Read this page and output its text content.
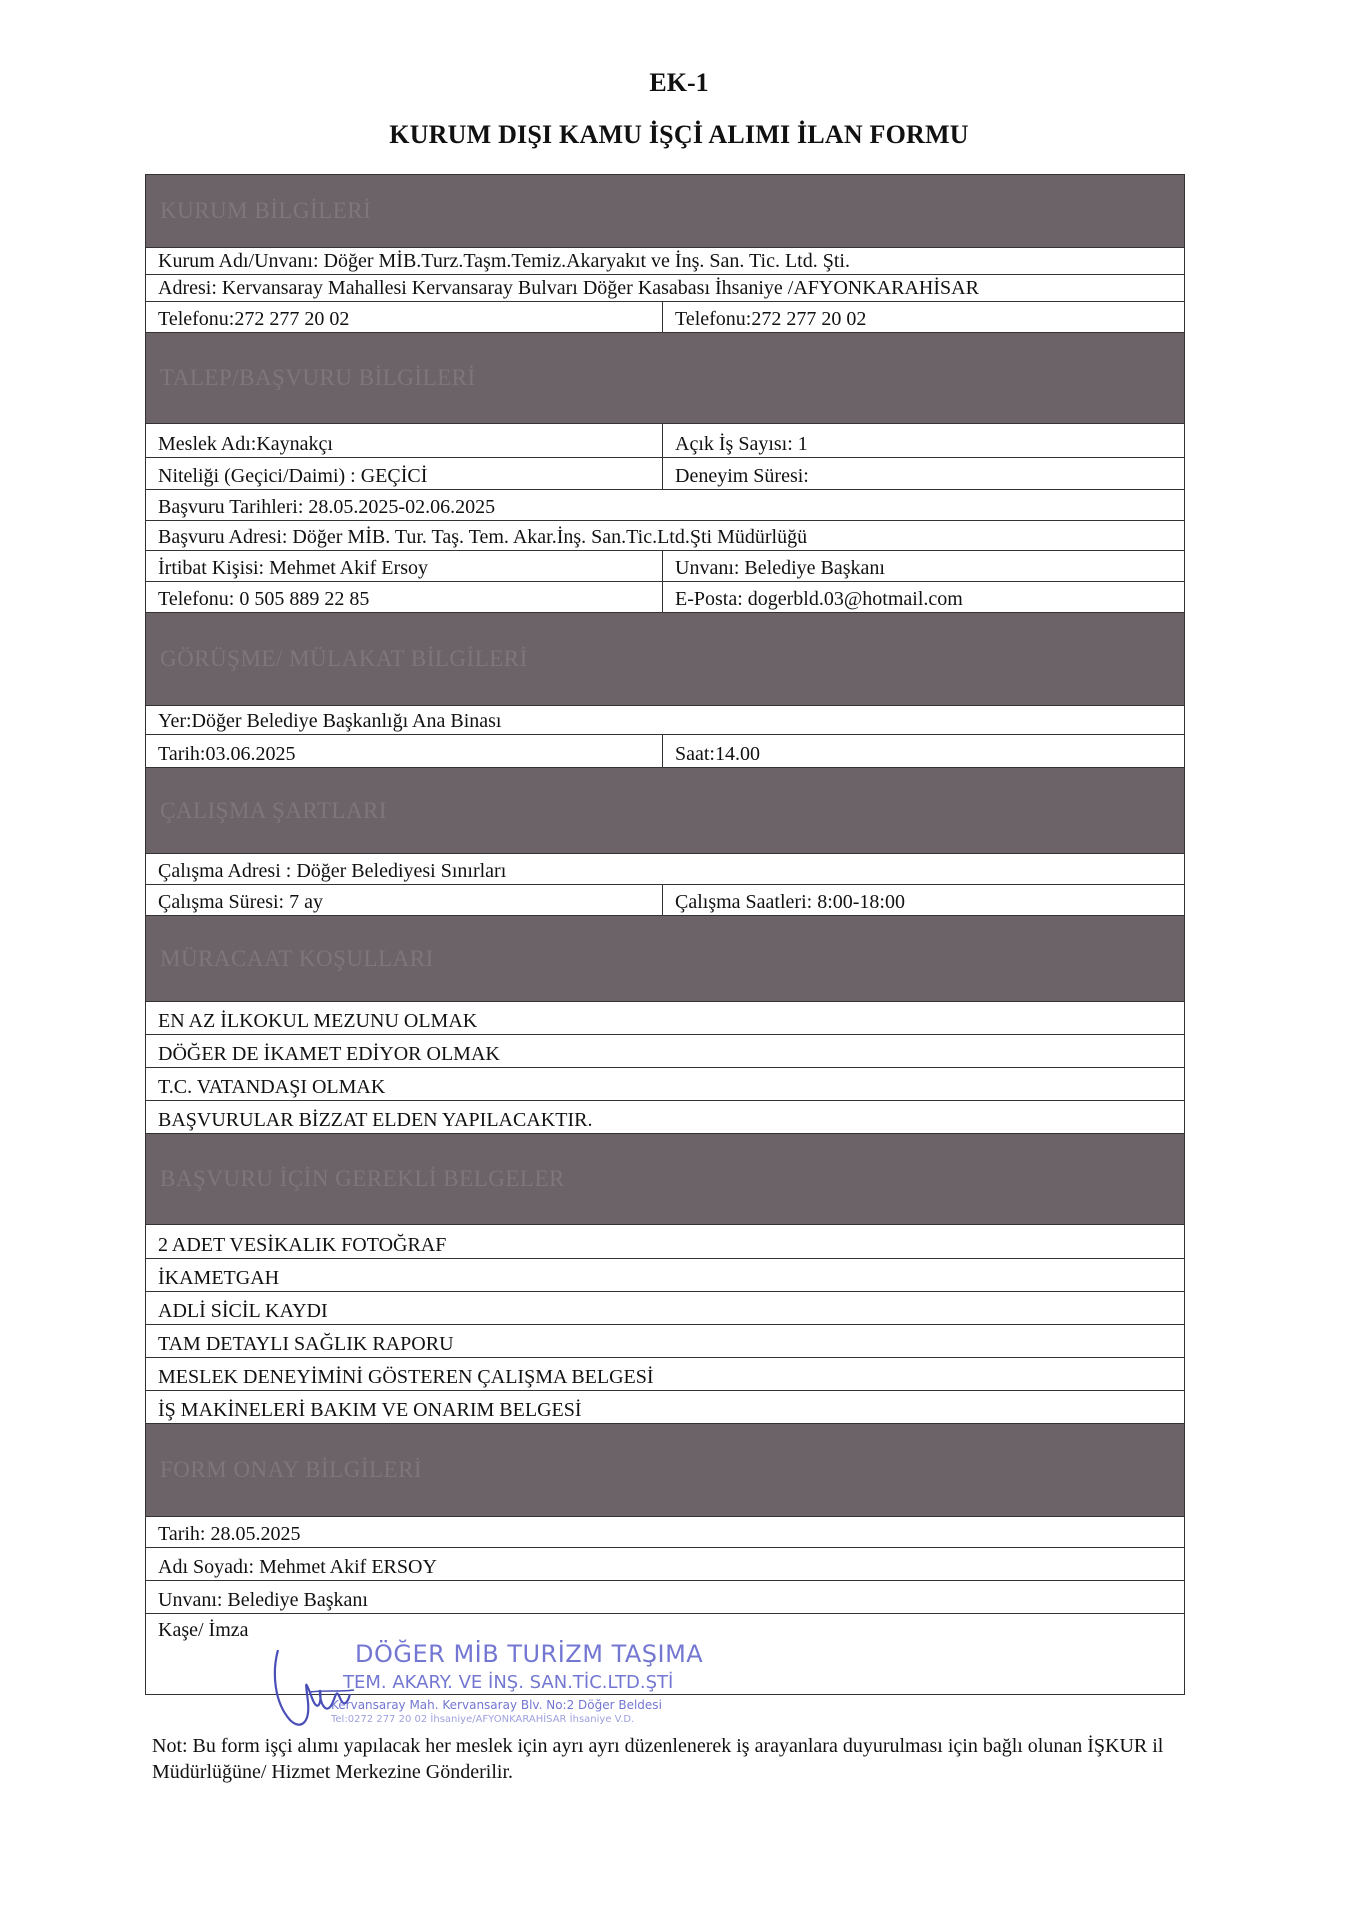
EK-1
KURUM DIŞI KAMU İŞÇİ ALIMI İLAN FORMU
KURUM BİLGİLERİ
Kurum Adı/Unvanı: Döğer MİB.Turz.Taşm.Temiz.Akaryakıt ve İnş. San. Tic. Ltd. Şti.
Adresi: Kervansaray Mahallesi Kervansaray Bulvarı Döğer Kasabası İhsaniye /AFYONKARAHİSAR
Telefonu:272 277 20 02	Telefonu:272 277 20 02
TALEP/BAŞVURU BİLGİLERİ
Meslek Adı:Kaynakçı	Açık İş Sayısı: 1
Niteliği (Geçici/Daimi) : GEÇİCİ	Deneyim Süresi:
Başvuru Tarihleri: 28.05.2025-02.06.2025
Başvuru Adresi: Döğer MİB. Tur. Taş. Tem. Akar.İnş. San.Tic.Ltd.Şti Müdürlüğü
İrtibat Kişisi: Mehmet Akif Ersoy	Unvanı: Belediye Başkanı
Telefonu: 0 505 889 22 85	E-Posta: dogerbld.03@hotmail.com
GÖRÜŞME/ MÜLAKAT BİLGİLERİ
Yer:Döğer Belediye Başkanlığı Ana Binası
Tarih:03.06.2025	Saat:14.00
ÇALIŞMA ŞARTLARI
Çalışma Adresi : Döğer Belediyesi Sınırları
Çalışma Süresi: 7 ay	Çalışma Saatleri: 8:00-18:00
MÜRACAAT KOŞULLARI
EN AZ İLKOKUL MEZUNU OLMAK
DÖĞER DE İKAMET EDİYOR OLMAK
T.C. VATANDAŞI OLMAK
BAŞVURULAR BİZZAT ELDEN YAPILACAKTIR.
BAŞVURU İÇİN GEREKLİ BELGELER
2 ADET VESİKALIK FOTOĞRAF
İKAMETGAH
ADLİ SİCİL KAYDI
TAM DETAYLI SAĞLIK RAPORU
MESLEK DENEYİMİNİ GÖSTEREN ÇALIŞMA BELGESİ
İŞ MAKİNELERİ BAKIM VE ONARIM BELGESİ
FORM ONAY BİLGİLERİ
Tarih: 28.05.2025
Adı Soyadı: Mehmet Akif ERSOY
Unvanı: Belediye Başkanı
Kaşe/ İmza
DÖĞER MİB TURİZM TAŞIMA
TEM. AKARY. VE İNŞ. SAN.TİC.LTD.ŞTİ
Kervansaray Mah. Kervansaray Blv. No:2 Döğer Beldesi
Tel:0272 277 20 02 İhsaniye/AFYONKARAHİSAR İhsaniye V.D.
Not: Bu form işçi alımı yapılacak her meslek için ayrı ayrı düzenlenerek iş arayanlara duyurulması için bağlı olunan İŞKUR il Müdürlüğüne/ Hizmet Merkezine Gönderilir.
